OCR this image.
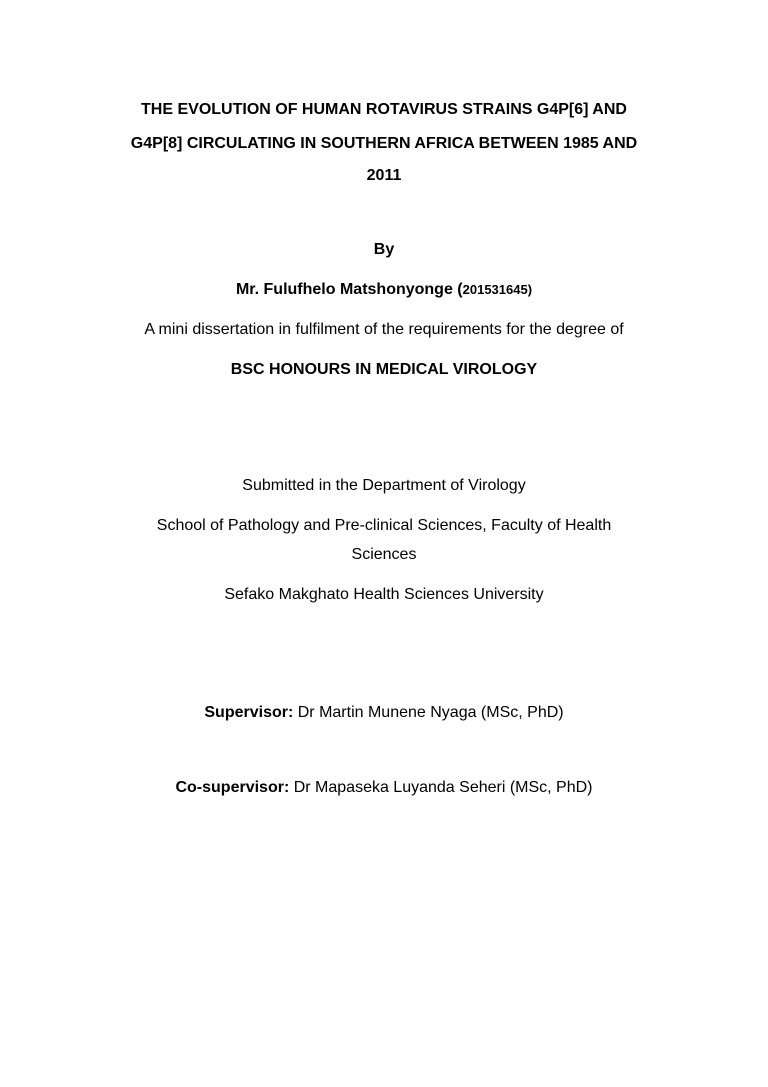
THE EVOLUTION OF HUMAN ROTAVIRUS STRAINS G4P[6] AND
G4P[8] CIRCULATING IN SOUTHERN AFRICA BETWEEN 1985 AND
2011
By
Mr. Fulufhelo Matshonyonge (201531645)
A mini dissertation in fulfilment of the requirements for the degree of
BSC HONOURS IN MEDICAL VIROLOGY
Submitted in the Department of Virology
School of Pathology and Pre-clinical Sciences, Faculty of Health
Sciences
Sefako Makghato Health Sciences University
Supervisor: Dr Martin Munene Nyaga (MSc, PhD)
Co-supervisor: Dr Mapaseka Luyanda Seheri (MSc, PhD)
